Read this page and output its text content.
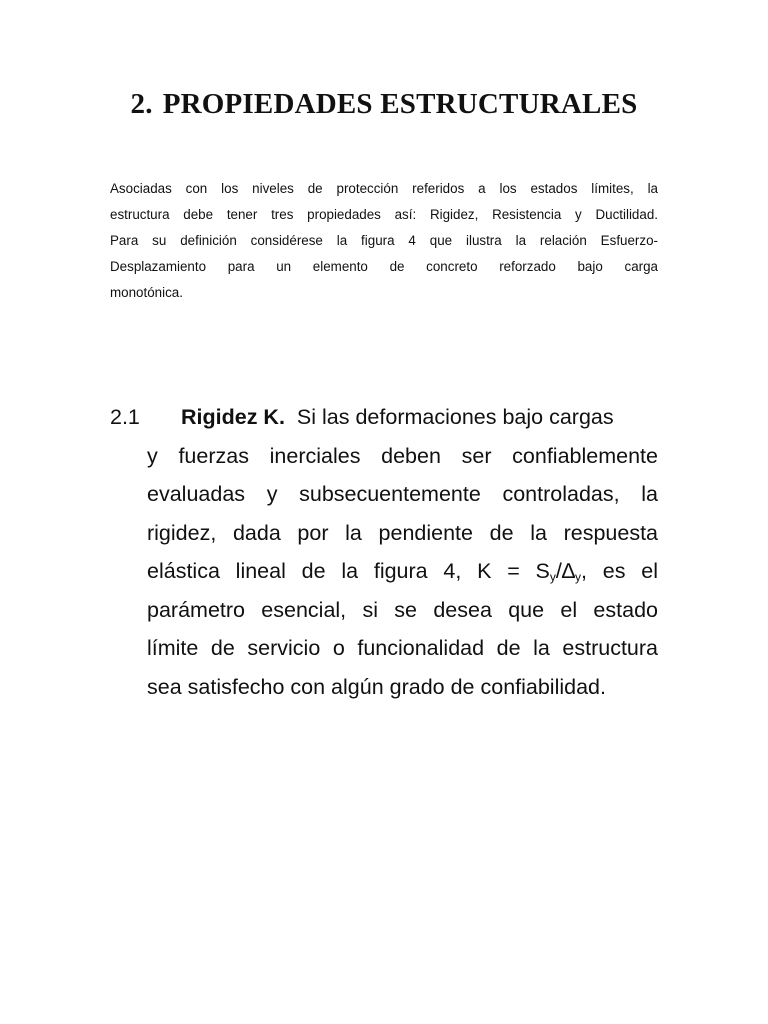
2. PROPIEDADES ESTRUCTURALES

Asociadas con los niveles de protección referidos a los estados límites, la
estructura debe tener tres propiedades así: Rigidez, Resistencia y Ductilidad.
Para su definición considérese la figura 4 que ilustra la relación Esfuerzo-
Desplazamiento para un elemento de concreto reforzado bajo carga
monotónica.

2.1 Rigidez K. Si las deformaciones bajo cargas
y fuerzas inerciales deben ser confiablemente
evaluadas y subsecuentemente controladas, la
rigidez, dada por la pendiente de la respuesta
elástica lineal de la figura 4, $K = S_y/\Delta_y$, es el
parámetro esencial, si se desea que el estado
límite de servicio o funcionalidad de la estructura
sea satisfecho con algún grado de confiabilidad.
